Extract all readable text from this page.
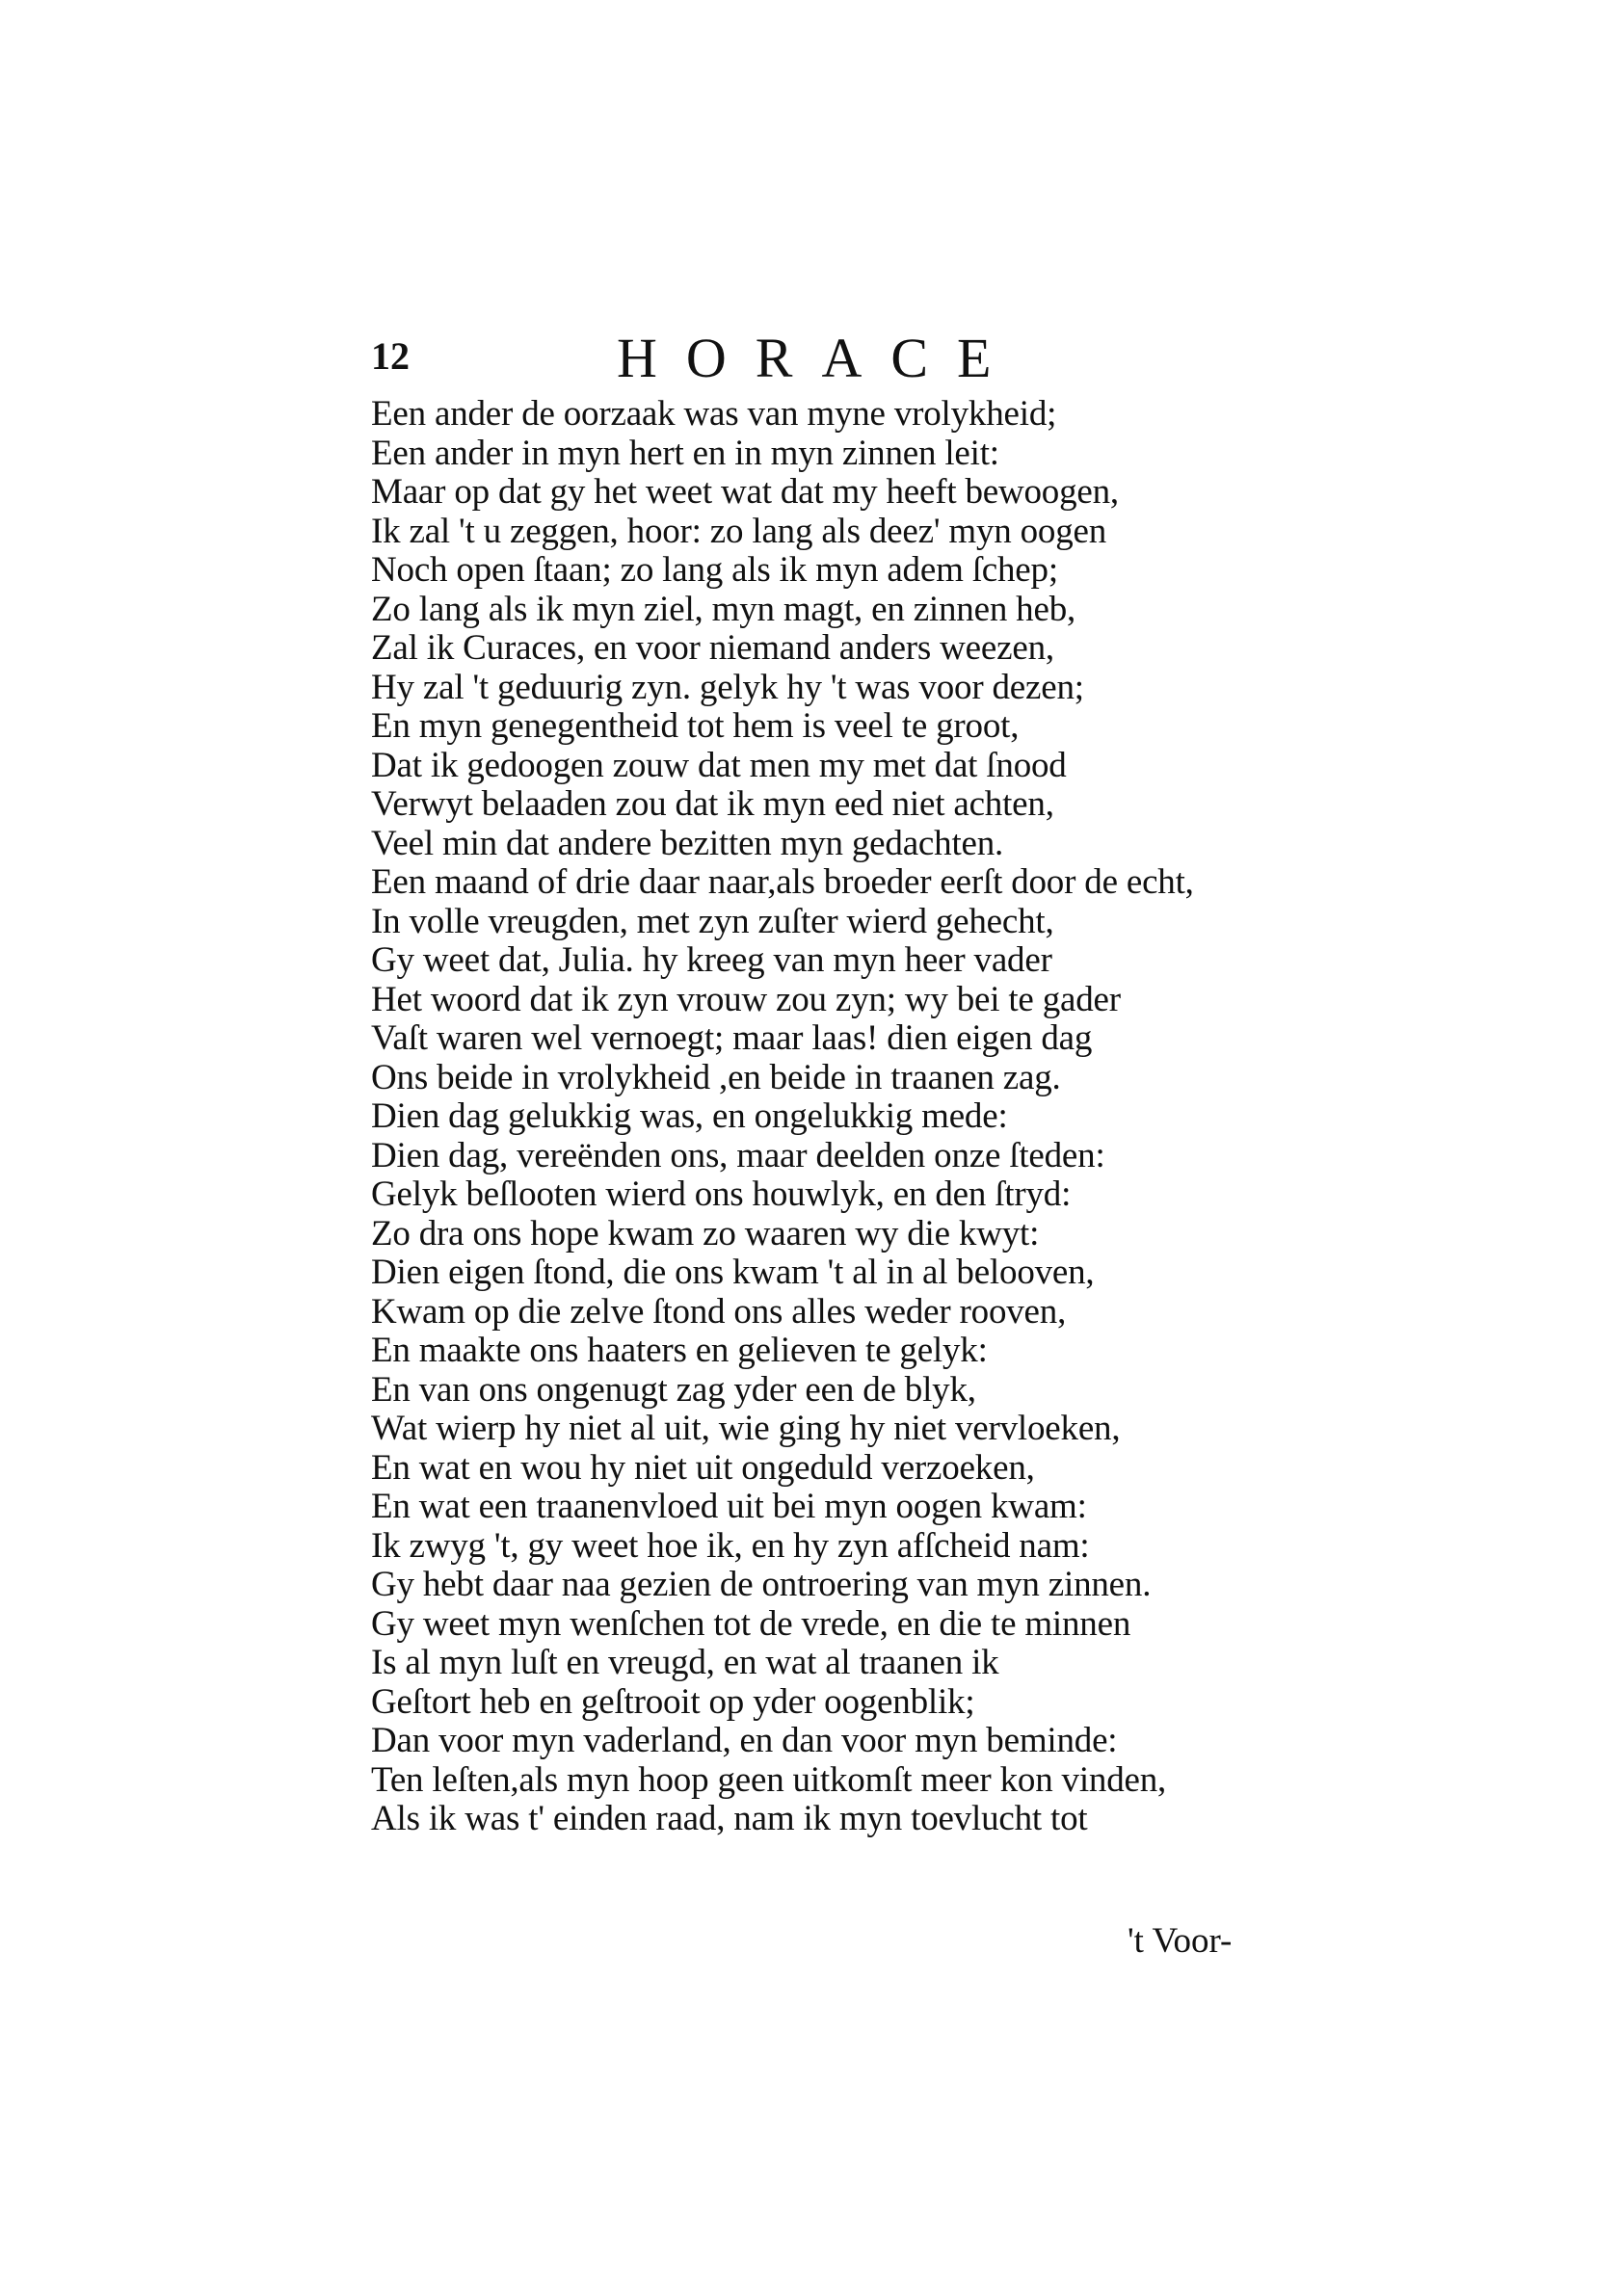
12	HORACE
Een ander de oorzaak was van myne vrolykheid;
Een ander in myn hert en in myn zinnen leit:
Maar op dat gy het weet wat dat my heeft bewoogen,
Ik zal 't u zeggen, hoor: zo lang als deez' myn oogen
Noch open ſtaan; zo lang als ik myn adem ſchep;
Zo lang als ik myn ziel, myn magt, en zinnen heb,
Zal ik Curaces, en voor niemand anders weezen,
Hy zal 't geduurig zyn. gelyk hy 't was voor dezen;
En myn genegentheid tot hem is veel te groot,
Dat ik gedoogen zouw dat men my met dat ſnood
Verwyt belaaden zou dat ik myn eed niet achten,
Veel min dat andere bezitten myn gedachten.
Een maand of drie daar naar,als broeder eerſt door de echt,
In volle vreugden, met zyn zuſter wierd gehecht,
Gy weet dat, Julia. hy kreeg van myn heer vader
Het woord dat ik zyn vrouw zou zyn; wy bei te gader
Vaſt waren wel vernoegt; maar laas! dien eigen dag
Ons beide in vrolykheid ,en beide in traanen zag.
Dien dag gelukkig was, en ongelukkig mede:
Dien dag, vereënden ons, maar deelden onze ſteden:
Gelyk beſlooten wierd ons houwlyk, en den ſtryd:
Zo dra ons hope kwam zo waaren wy die kwyt:
Dien eigen ſtond, die ons kwam 't al in al belooven,
Kwam op die zelve ſtond ons alles weder rooven,
En maakte ons haaters en gelieven te gelyk:
En van ons ongenugt zag yder een de blyk,
Wat wierp hy niet al uit, wie ging hy niet vervloeken,
En wat en wou hy niet uit ongeduld verzoeken,
En wat een traanenvloed uit bei myn oogen kwam:
Ik zwyg 't, gy weet hoe ik, en hy zyn afſcheid nam:
Gy hebt daar naa gezien de ontroering van myn zinnen.
Gy weet myn wenſchen tot de vrede, en die te minnen
Is al myn luſt en vreugd, en wat al traanen ik
Geſtort heb en geſtrooit op yder oogenblik;
Dan voor myn vaderland, en dan voor myn beminde:
Ten leſten,als myn hoop geen uitkomſt meer kon vinden,
Als ik was t' einden raad, nam ik myn toevlucht tot
't Voor-
